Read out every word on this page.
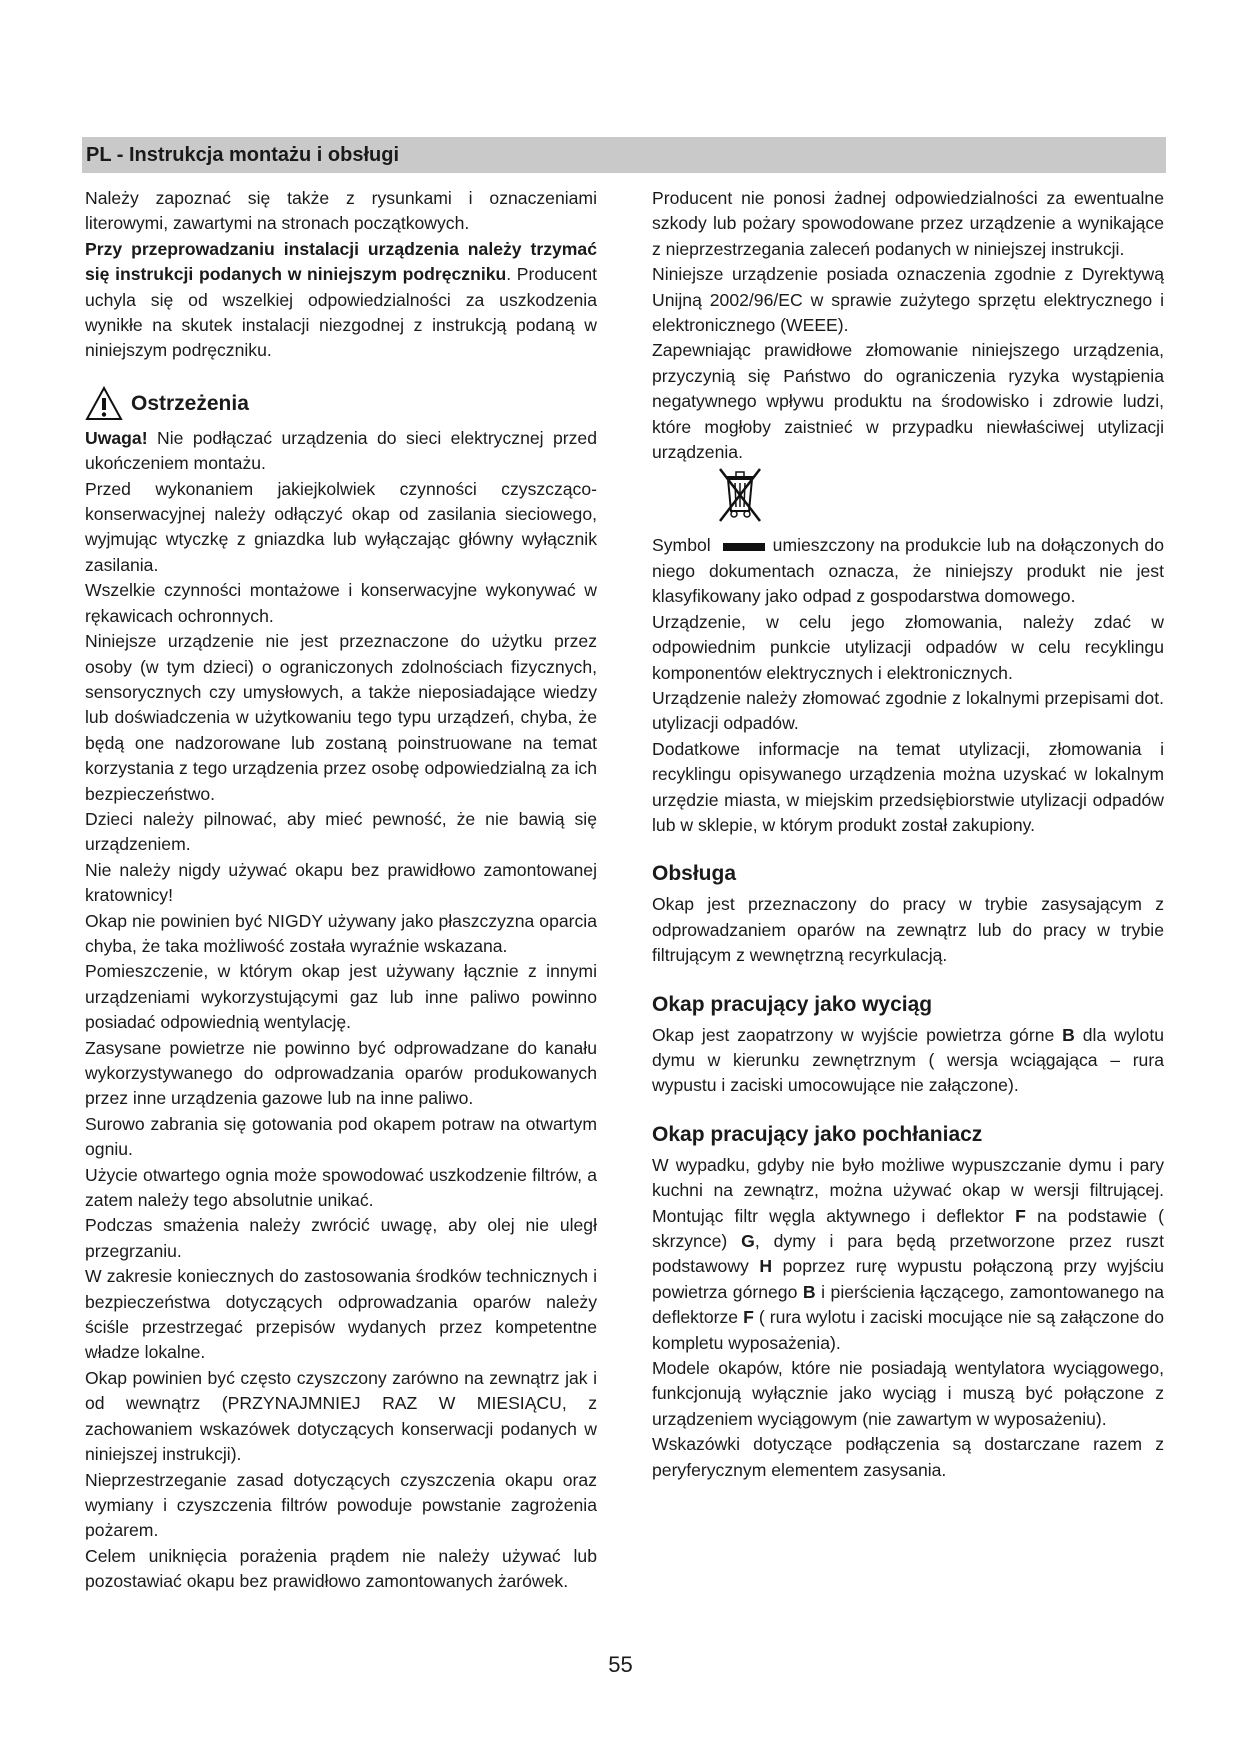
PL - Instrukcja montażu i obsługi

Należy zapoznać się także z rysunkami i oznaczeniami literowymi, zawartymi na stronach początkowych.

Przy przeprowadzaniu instalacji urządzenia należy trzymać się instrukcji podanych w niniejszym podręczniku. Producent uchyla się od wszelkiej odpowiedzialności za uszkodzenia wynikłe na skutek instalacji niezgodnej z instrukcją podaną w niniejszym podręczniku.

Ostrzeżenia

Uwaga! Nie podłączać urządzenia do sieci elektrycznej przed ukończeniem montażu.

Przed wykonaniem jakiejkolwiek czynności czyszcząco-konserwacyjnej należy odłączyć okap od zasilania sieciowego, wyjmując wtyczkę z gniazdka lub wyłączając główny wyłącznik zasilania.

Wszelkie czynności montażowe i konserwacyjne wykonywać w rękawicach ochronnych.

Niniejsze urządzenie nie jest przeznaczone do użytku przez osoby (w tym dzieci) o ograniczonych zdolnościach fizycznych, sensorycznych czy umysłowych, a także nieposiadające wiedzy lub doświadczenia w użytkowaniu tego typu urządzeń, chyba, że będą one nadzorowane lub zostaną poinstruowane na temat korzystania z tego urządzenia przez osobę odpowiedzialną za ich bezpieczeństwo.

Dzieci należy pilnować, aby mieć pewność, że nie bawią się urządzeniem.

Nie należy nigdy używać okapu bez prawidłowo zamontowanej kratownicy!

Okap nie powinien być NIGDY używany jako płaszczyzna oparcia chyba, że taka możliwość została wyraźnie wskazana.

Pomieszczenie, w którym okap jest używany łącznie z innymi urządzeniami wykorzystującymi gaz lub inne paliwo powinno posiadać odpowiednią wentylację.

Zasysane powietrze nie powinno być odprowadzane do kanału wykorzystywanego do odprowadzania oparów produkowanych przez inne urządzenia gazowe lub na inne paliwo.

Surowo zabrania się gotowania pod okapem potraw na otwartym ogniu.

Użycie otwartego ognia może spowodować uszkodzenie filtrów, a zatem należy tego absolutnie unikać.

Podczas smażenia należy zwrócić uwagę, aby olej nie uległ przegrzaniu.

W zakresie koniecznych do zastosowania środków technicznych i bezpieczeństwa dotyczących odprowadzania oparów należy ściśle przestrzegać przepisów wydanych przez kompetentne władze lokalne.

Okap powinien być często czyszczony zarówno na zewnątrz jak i od wewnątrz (PRZYNAJMNIEJ RAZ W MIESIĄCU, z zachowaniem wskazówek dotyczących konserwacji podanych w niniejszej instrukcji).

Nieprzestrzeganie zasad dotyczących czyszczenia okapu oraz wymiany i czyszczenia filtrów powoduje powstanie zagrożenia pożarem.

Celem uniknięcia porażenia prądem nie należy używać lub pozostawiać okapu bez prawidłowo zamontowanych żarówek.

Producent nie ponosi żadnej odpowiedzialności za ewentualne szkody lub pożary spowodowane przez urządzenie a wynikające z nieprzestrzegania zaleceń podanych w niniejszej instrukcji.

Niniejsze urządzenie posiada oznaczenia zgodnie z Dyrektywą Unijną 2002/96/EC w sprawie zużytego sprzętu elektrycznego i elektronicznego (WEEE).

Zapewniając prawidłowe złomowanie niniejszego urządzenia, przyczynią się Państwo do ograniczenia ryzyka wystąpienia negatywnego wpływu produktu na środowisko i zdrowie ludzi, które mogłoby zaistnieć w przypadku niewłaściwej utylizacji urządzenia.

Symbol	umieszczony na produkcie lub na dołączonych do niego dokumentach oznacza, że niniejszy produkt nie jest klasyfikowany jako odpad z gospodarstwa domowego.

Urządzenie, w celu jego złomowania, należy zdać w odpowiednim punkcie utylizacji odpadów w celu recyklingu komponentów elektrycznych i elektronicznych.

Urządzenie należy złomować zgodnie z lokalnymi przepisami dot. utylizacji odpadów.

Dodatkowe informacje na temat utylizacji, złomowania i recyklingu opisywanego urządzenia można uzyskać w lokalnym urzędzie miasta, w miejskim przedsiębiorstwie utylizacji odpadów lub w sklepie, w którym produkt został zakupiony.

Obsługa

Okap jest przeznaczony do pracy w trybie zasysającym z odprowadzaniem oparów na zewnątrz lub do pracy w trybie filtrującym z wewnętrzną recyrkulacją.

Okap pracujący jako wyciąg

Okap jest zaopatrzony w wyjście powietrza górne B dla wylotu dymu w kierunku zewnętrznym ( wersja wciągająca – rura wypustu i zaciski umocowujące nie załączone).

Okap pracujący jako pochłaniacz

W wypadku, gdyby nie było możliwe wypuszczanie dymu i pary kuchni na zewnątrz, można używać okap w wersji filtrującej. Montując filtr węgla aktywnego i deflektor F na podstawie ( skrzynce) G, dymy i para będą przetworzone przez ruszt podstawowy H poprzez rurę wypustu połączoną przy wyjściu powietrza górnego B i pierścienia łączącego, zamontowanego na deflektorze F ( rura wylotu i zaciski mocujące nie są załączone do kompletu wyposażenia).

Modele okapów, które nie posiadają wentylatora wyciągowego, funkcjonują wyłącznie jako wyciąg i muszą być połączone z urządzeniem wyciągowym (nie zawartym w wyposażeniu).

Wskazówki dotyczące podłączenia są dostarczane razem z peryferycznym elementem zasysania.

55
